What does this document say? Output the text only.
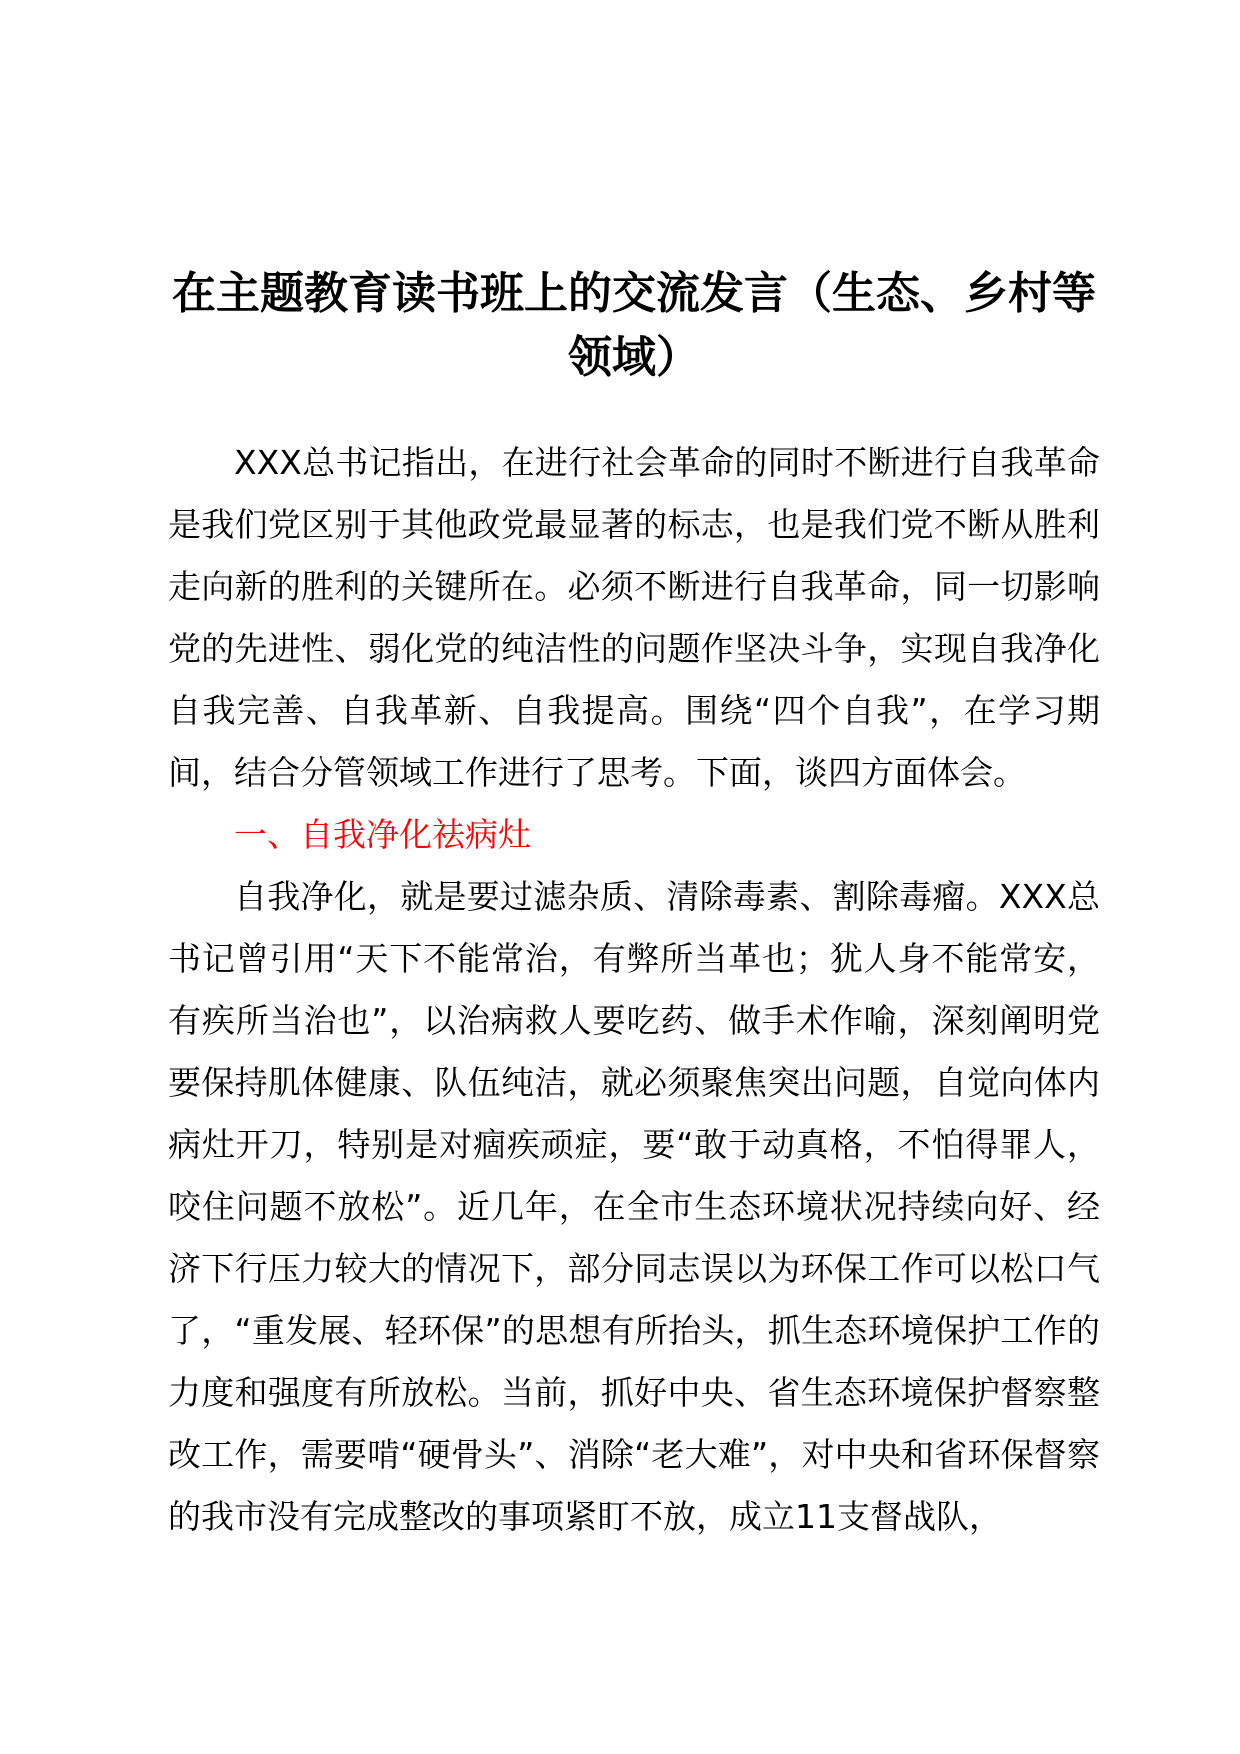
在主题教育读书班上的交流发言（生态、乡村等
领域）

XXX总书记指出，在进行社会革命的同时不断进行自我革命是我们党区别于其他政党最显著的标志，也是我们党不断从胜利走向新的胜利的关键所在。必须不断进行自我革命，同一切影响党的先进性、弱化党的纯洁性的问题作坚决斗争，实现自我净化自我完善、自我革新、自我提高。围绕“四个自我”，在学习期间，结合分管领域工作进行了思考。下面，谈四方面体会。

一、自我净化祛病灶

自我净化，就是要过滤杂质、清除毒素、割除毒瘤。XXX总书记曾引用“天下不能常治，有弊所当革也；犹人身不能常安，有疾所当治也”，以治病救人要吃药、做手术作喻，深刻阐明党要保持肌体健康、队伍纯洁，就必须聚焦突出问题，自觉向体内病灶开刀，特别是对痼疾顽症，要“敢于动真格，不怕得罪人，咬住问题不放松”。近几年，在全市生态环境状况持续向好、经济下行压力较大的情况下，部分同志误以为环保工作可以松口气了，“重发展、轻环保”的思想有所抬头，抓生态环境保护工作的力度和强度有所放松。当前，抓好中央、省生态环境保护督察整改工作，需要啃“硬骨头”、消除“老大难”，对中央和省环保督察的我市没有完成整改的事项紧盯不放，成立11支督战队，
